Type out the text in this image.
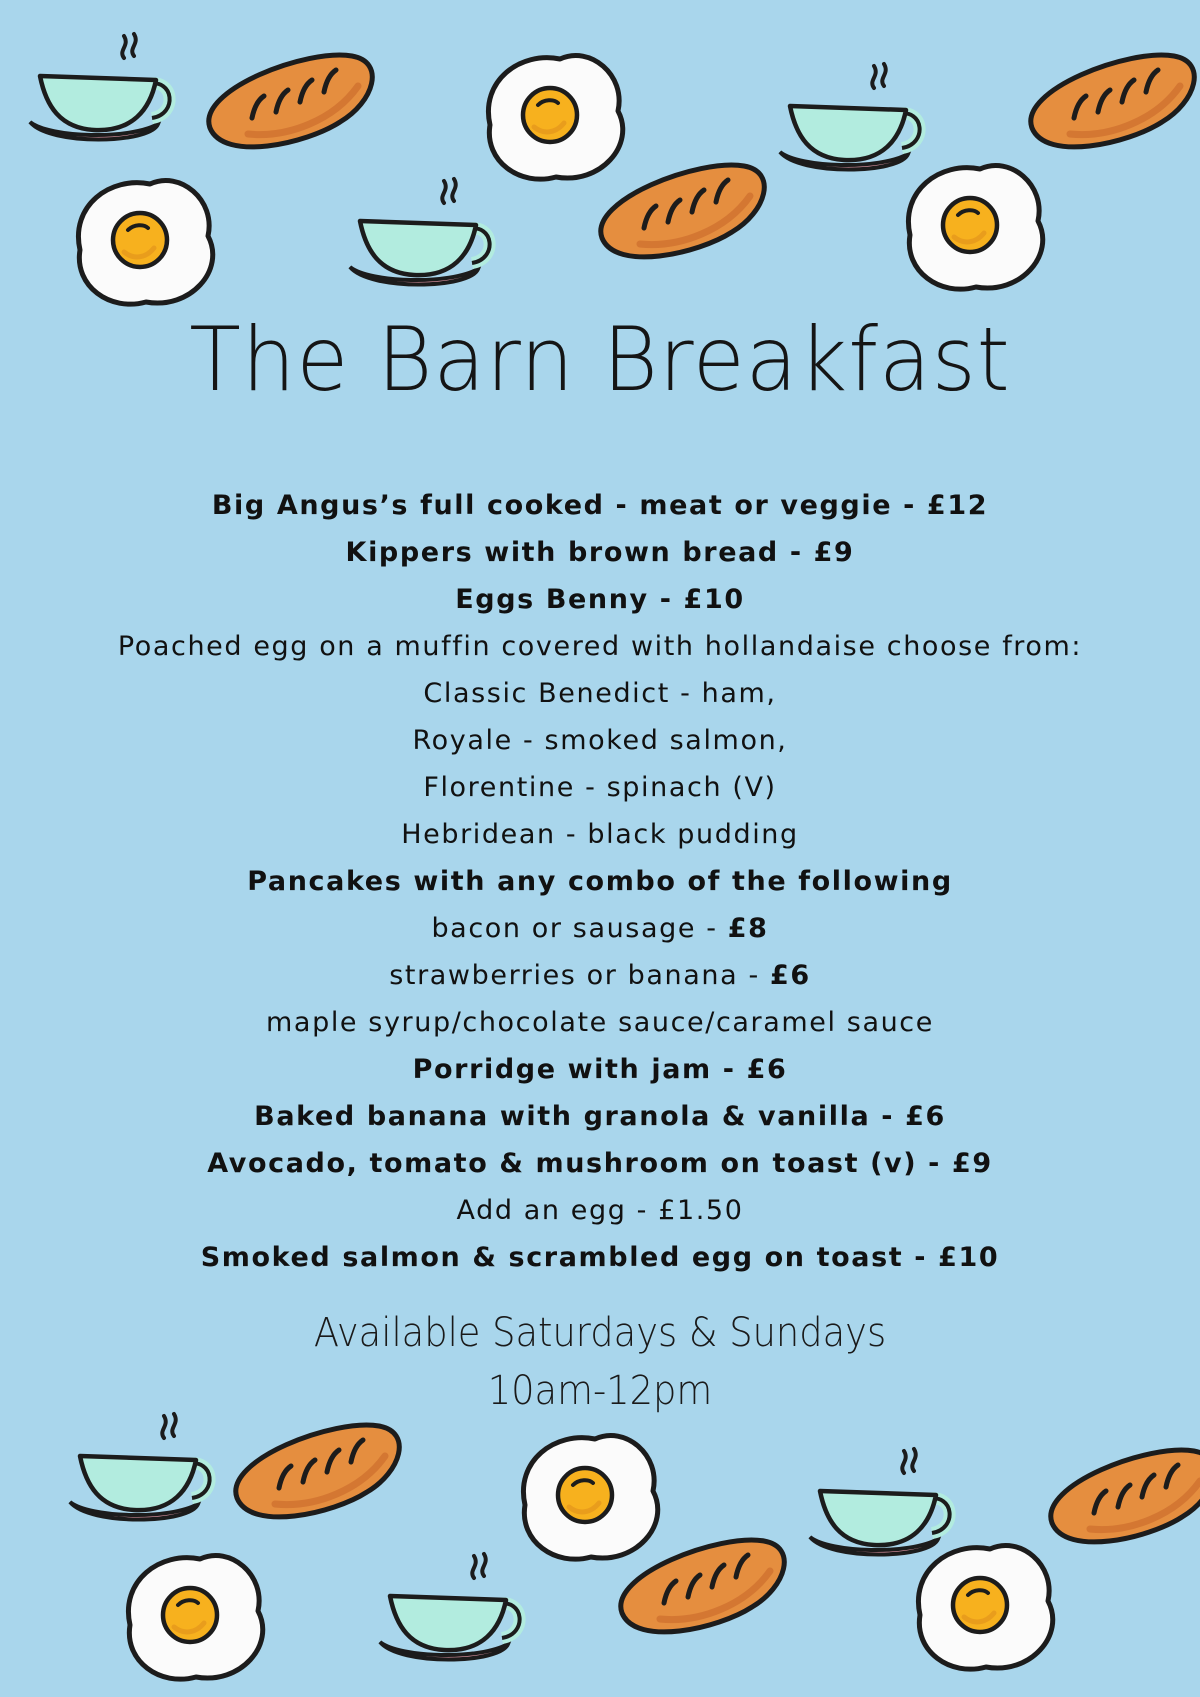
The Barn Breakfast
Big Angus’s full cooked - meat or veggie - £12
Kippers with brown bread - £9
Eggs Benny - £10
Poached egg on a muffin covered with hollandaise choose from:
Classic Benedict - ham,
Royale - smoked salmon,
Florentine - spinach (V)
Hebridean - black pudding
Pancakes with any combo of the following
bacon or sausage - £8
strawberries or banana - £6
maple syrup/chocolate sauce/caramel sauce
Porridge with jam - £6
Baked banana with granola & vanilla - £6
Avocado, tomato & mushroom on toast (v) - £9
Add an egg - £1.50
Smoked salmon & scrambled egg on toast - £10
Available Saturdays & Sundays
10am-12pm
